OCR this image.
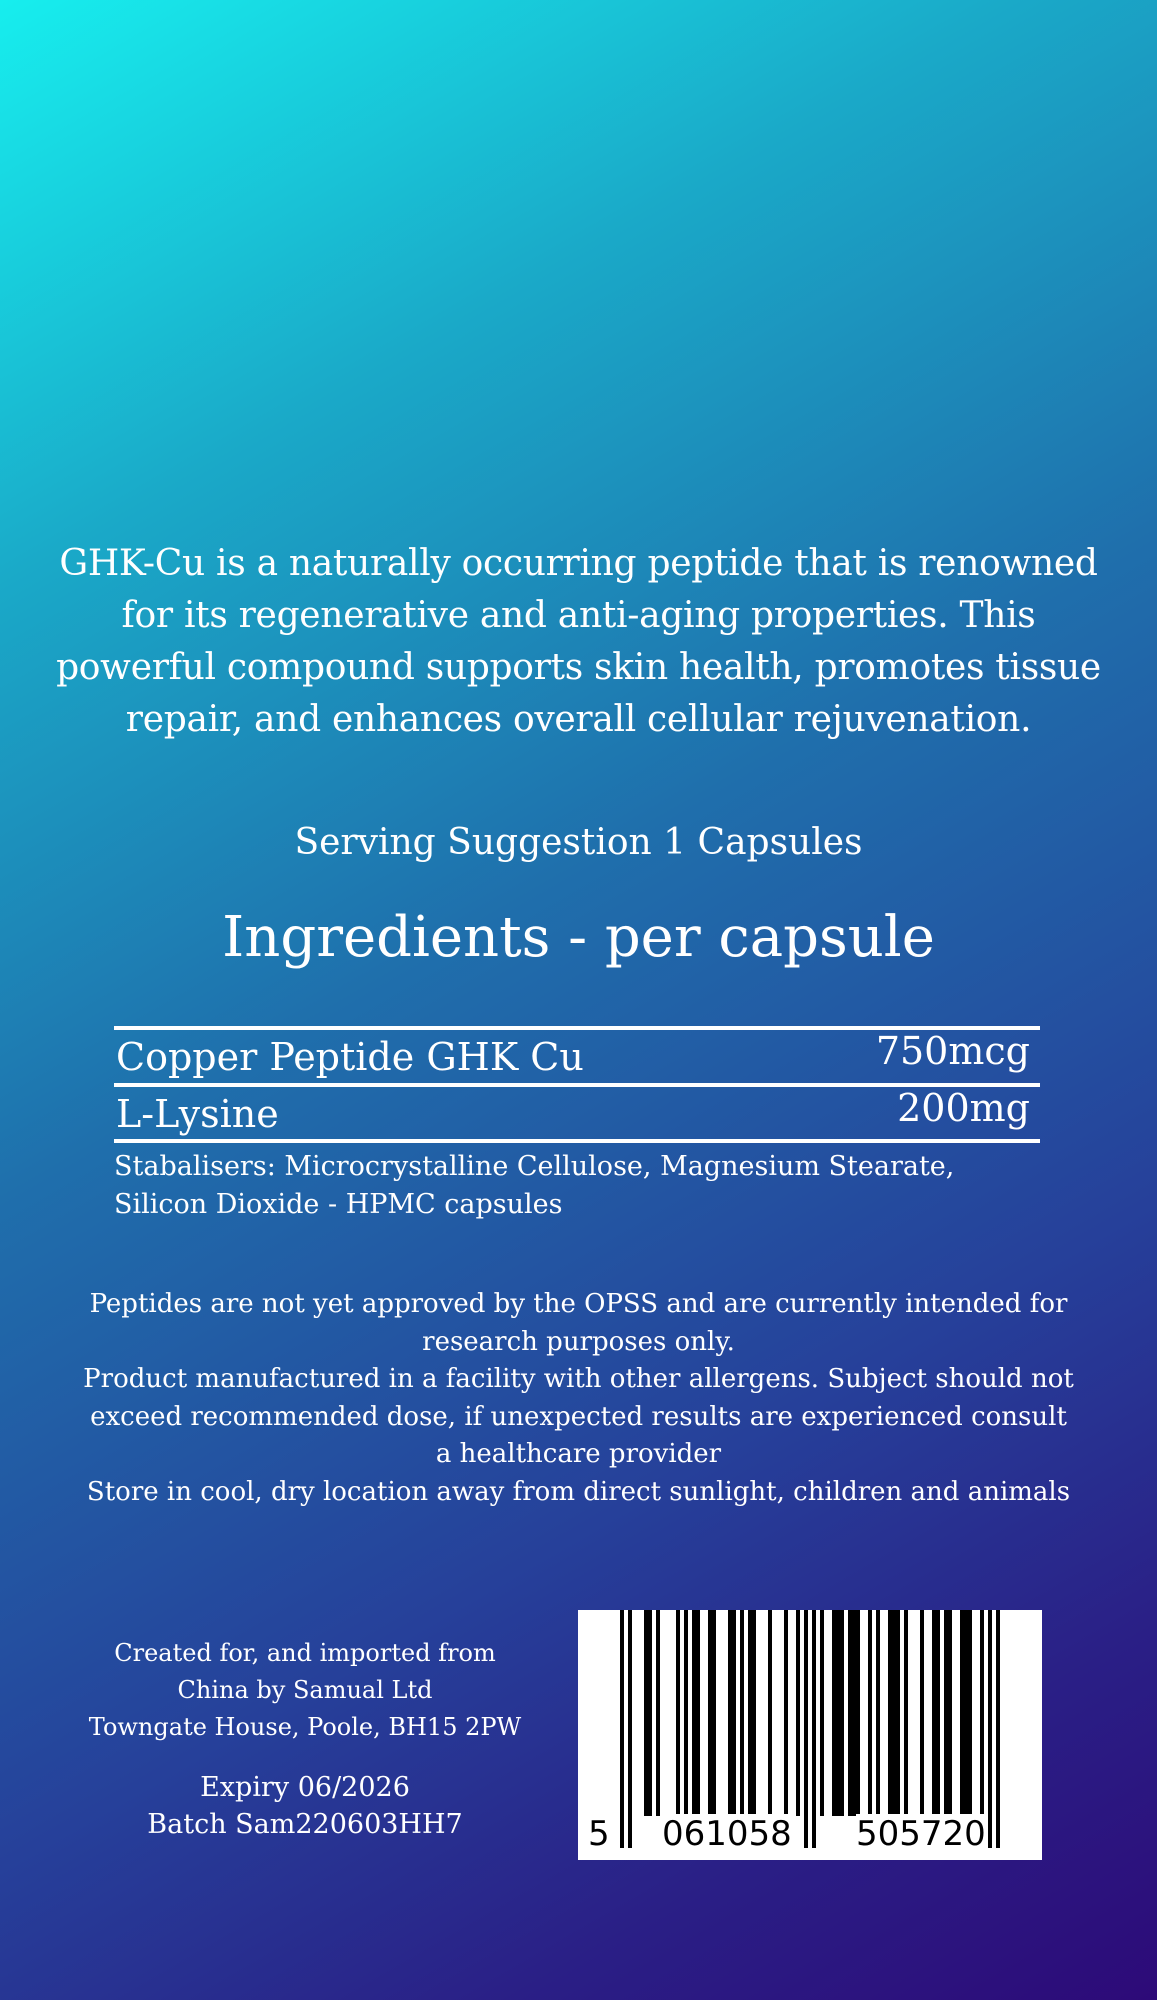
GHK-Cu is a naturally occurring peptide that is renowned for its regenerative and anti-aging properties. This powerful compound supports skin health, promotes tissue repair, and enhances overall cellular rejuvenation.
Serving Suggestion 1 Capsules
Ingredients - per capsule
Copper Peptide GHK Cu	750mcg
L-Lysine	200mg
Stabalisers: Microcrystalline Cellulose, Magnesium Stearate, Silicon Dioxide - HPMC capsules
Peptides are not yet approved by the OPSS and are currently intended for
research purposes only.
Product manufactured in a facility with other allergens. Subject should not
exceed recommended dose, if unexpected results are experienced consult
a healthcare provider
Store in cool, dry location away from direct sunlight, children and animals
Created for, and imported from
China by Samual Ltd
Towngate House, Poole, BH15 2PW
Expiry 06/2026
Batch Sam220603HH7	5 061058 505720
